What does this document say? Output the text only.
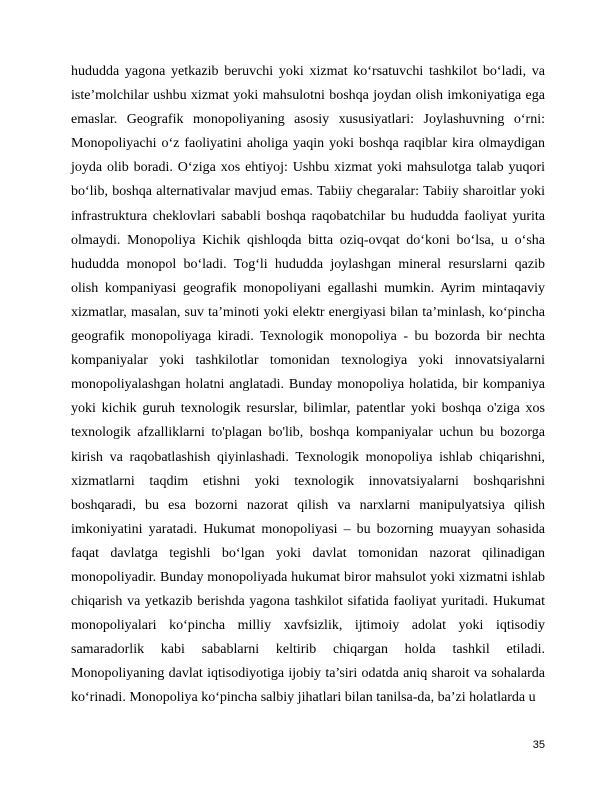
hududda yagona yetkazib beruvchi yoki xizmat ko‘rsatuvchi tashkilot bo‘ladi, va iste’molchilar ushbu xizmat yoki mahsulotni boshqa joydan olish imkoniyatiga ega emaslar. Geografik monopoliyaning asosiy xususiyatlari: Joylashuvning o‘rni: Monopoliyachi o‘z faoliyatini aholiga yaqin yoki boshqa raqiblar kira olmaydigan joyda olib boradi. O‘ziga xos ehtiyoj: Ushbu xizmat yoki mahsulotga talab yuqori bo‘lib, boshqa alternativalar mavjud emas. Tabiiy chegaralar: Tabiiy sharoitlar yoki infrastruktura cheklovlari sababli boshqa raqobatchilar bu hududda faoliyat yurita olmaydi. Monopoliya Kichik qishloqda bitta oziq-ovqat do‘koni bo‘lsa, u o‘sha hududda monopol bo‘ladi. Tog‘li hududda joylashgan mineral resurslarni qazib olish kompaniyasi geografik monopoliyani egallashi mumkin. Ayrim mintaqaviy xizmatlar, masalan, suv ta’minoti yoki elektr energiyasi bilan ta’minlash, ko‘pincha geografik monopoliyaga kiradi. Texnologik monopoliya - bu bozorda bir nechta kompaniyalar yoki tashkilotlar tomonidan texnologiya yoki innovatsiyalarni monopoliyalashgan holatni anglatadi. Bunday monopoliya holatida, bir kompaniya yoki kichik guruh texnologik resurslar, bilimlar, patentlar yoki boshqa o'ziga xos texnologik afzalliklarni to'plagan bo'lib, boshqa kompaniyalar uchun bu bozorga kirish va raqobatlashish qiyinlashadi. Texnologik monopoliya ishlab chiqarishni, xizmatlarni taqdim etishni yoki texnologik innovatsiyalarni boshqarishni boshqaradi, bu esa bozorni nazorat qilish va narxlarni manipulyatsiya qilish imkoniyatini yaratadi. Hukumat monopoliyasi – bu bozorning muayyan sohasida faqat davlatga tegishli bo‘lgan yoki davlat tomonidan nazorat qilinadigan monopoliyadir. Bunday monopoliyada hukumat biror mahsulot yoki xizmatni ishlab chiqarish va yetkazib berishda yagona tashkilot sifatida faoliyat yuritadi. Hukumat monopoliyalari ko‘pincha milliy xavfsizlik, ijtimoiy adolat yoki iqtisodiy samaradorlik kabi sabablarni keltirib chiqargan holda tashkil etiladi. Monopoliyaning davlat iqtisodiyotiga ijobiy ta’siri odatda aniq sharoit va sohalarda ko‘rinadi. Monopoliya ko‘pincha salbiy jihatlari bilan tanilsa-da, ba’zi holatlarda u

35
